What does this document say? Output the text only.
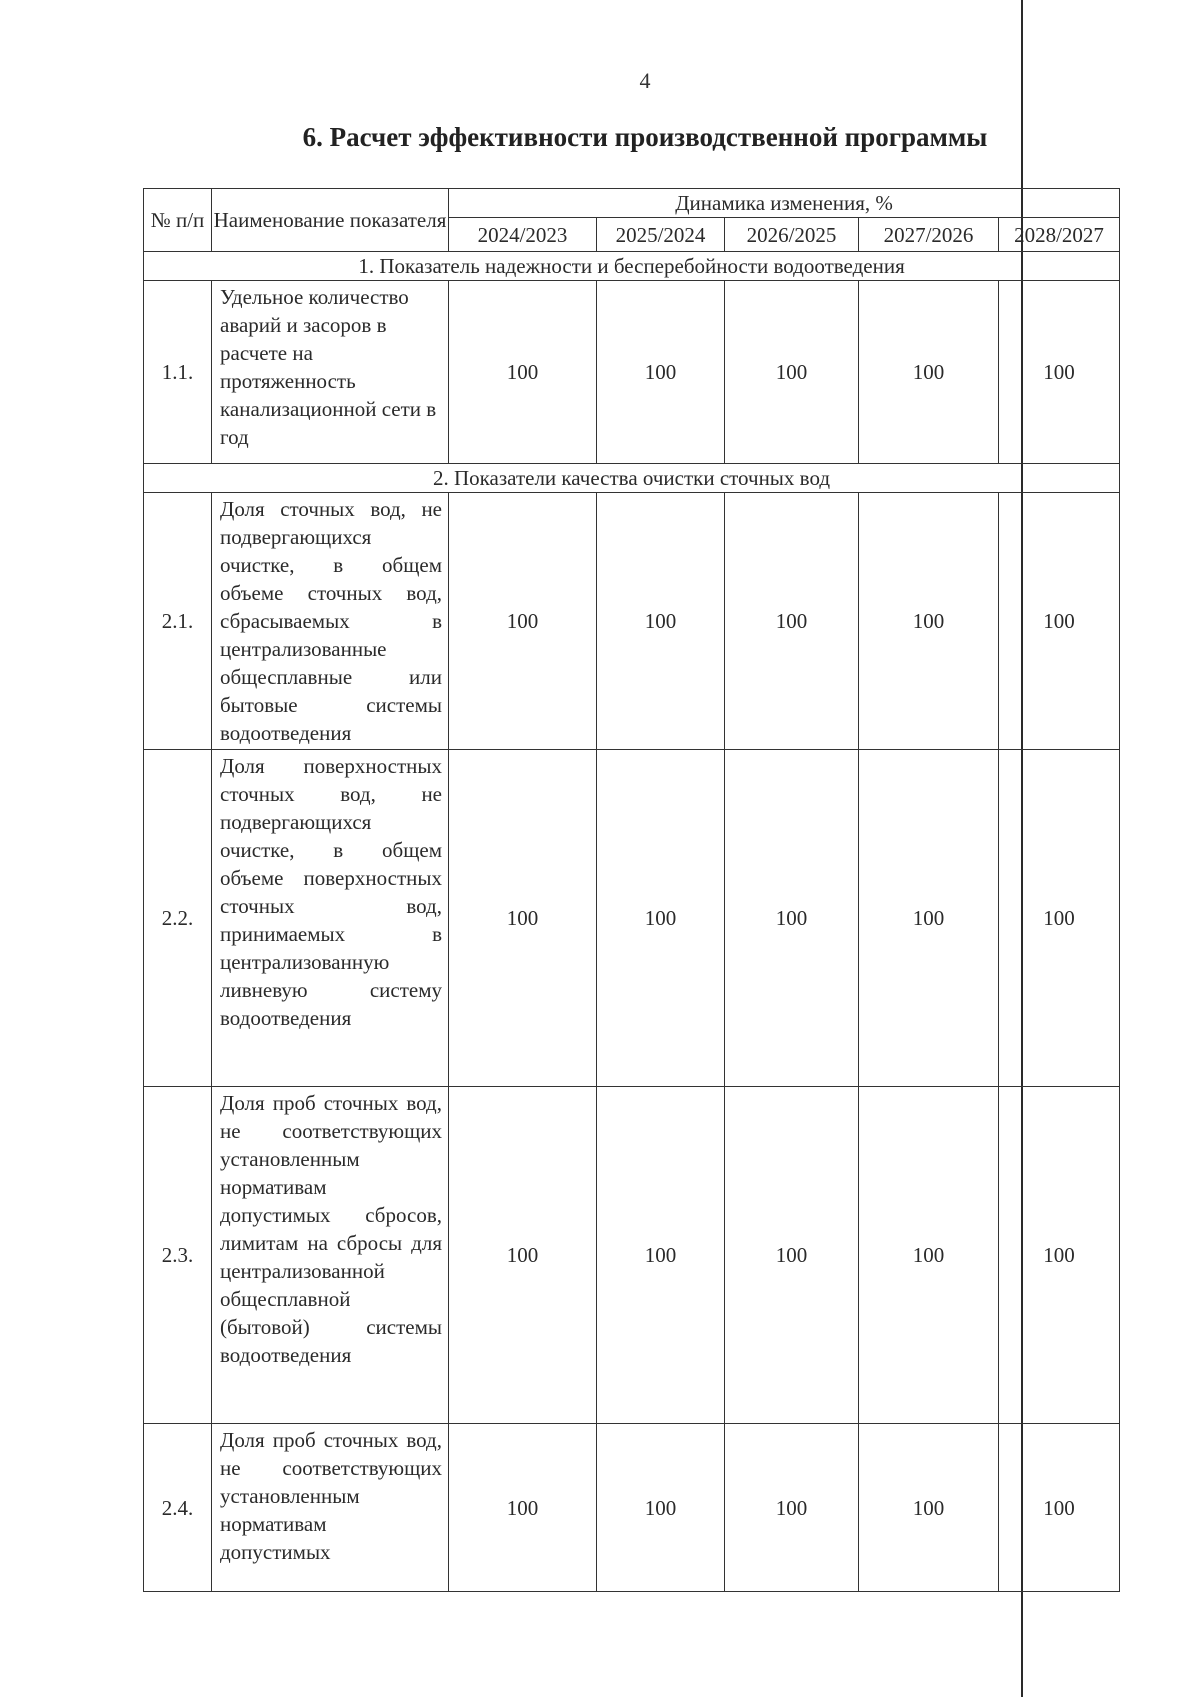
4
6. Расчет эффективности производственной программы
№ п/п	Наименование показателя	Динамика изменения, %				
		2024/2023	2025/2024	2026/2025	2027/2026	2028/2027
1. Показатель надежности и бесперебойности водоотведения						
1.1.	Удельное количество аварий и засоров в расчете на протяженность канализационной сети в год	100	100	100	100	100
2. Показатели качества очистки сточных вод						
2.1.	Доля сточных вод, не подвергающихся очистке, в общем объеме сточных вод, сбрасываемых в централизованные общесплавные или бытовые системы водоотведения	100	100	100	100	100
2.2.	Доля поверхностных сточных вод, не подвергающихся очистке, в общем объеме поверхностных сточных вод, принимаемых в централизованную ливневую систему водоотведения	100	100	100	100	100
2.3.	Доля проб сточных вод, не соответствующих установленным нормативам допустимых сбросов, лимитам на сбросы для централизованной общесплавной (бытовой) системы водоотведения	100	100	100	100	100
2.4.	Доля проб сточных вод, не соответствующих установленным нормативам допустимых	100	100	100	100	100
